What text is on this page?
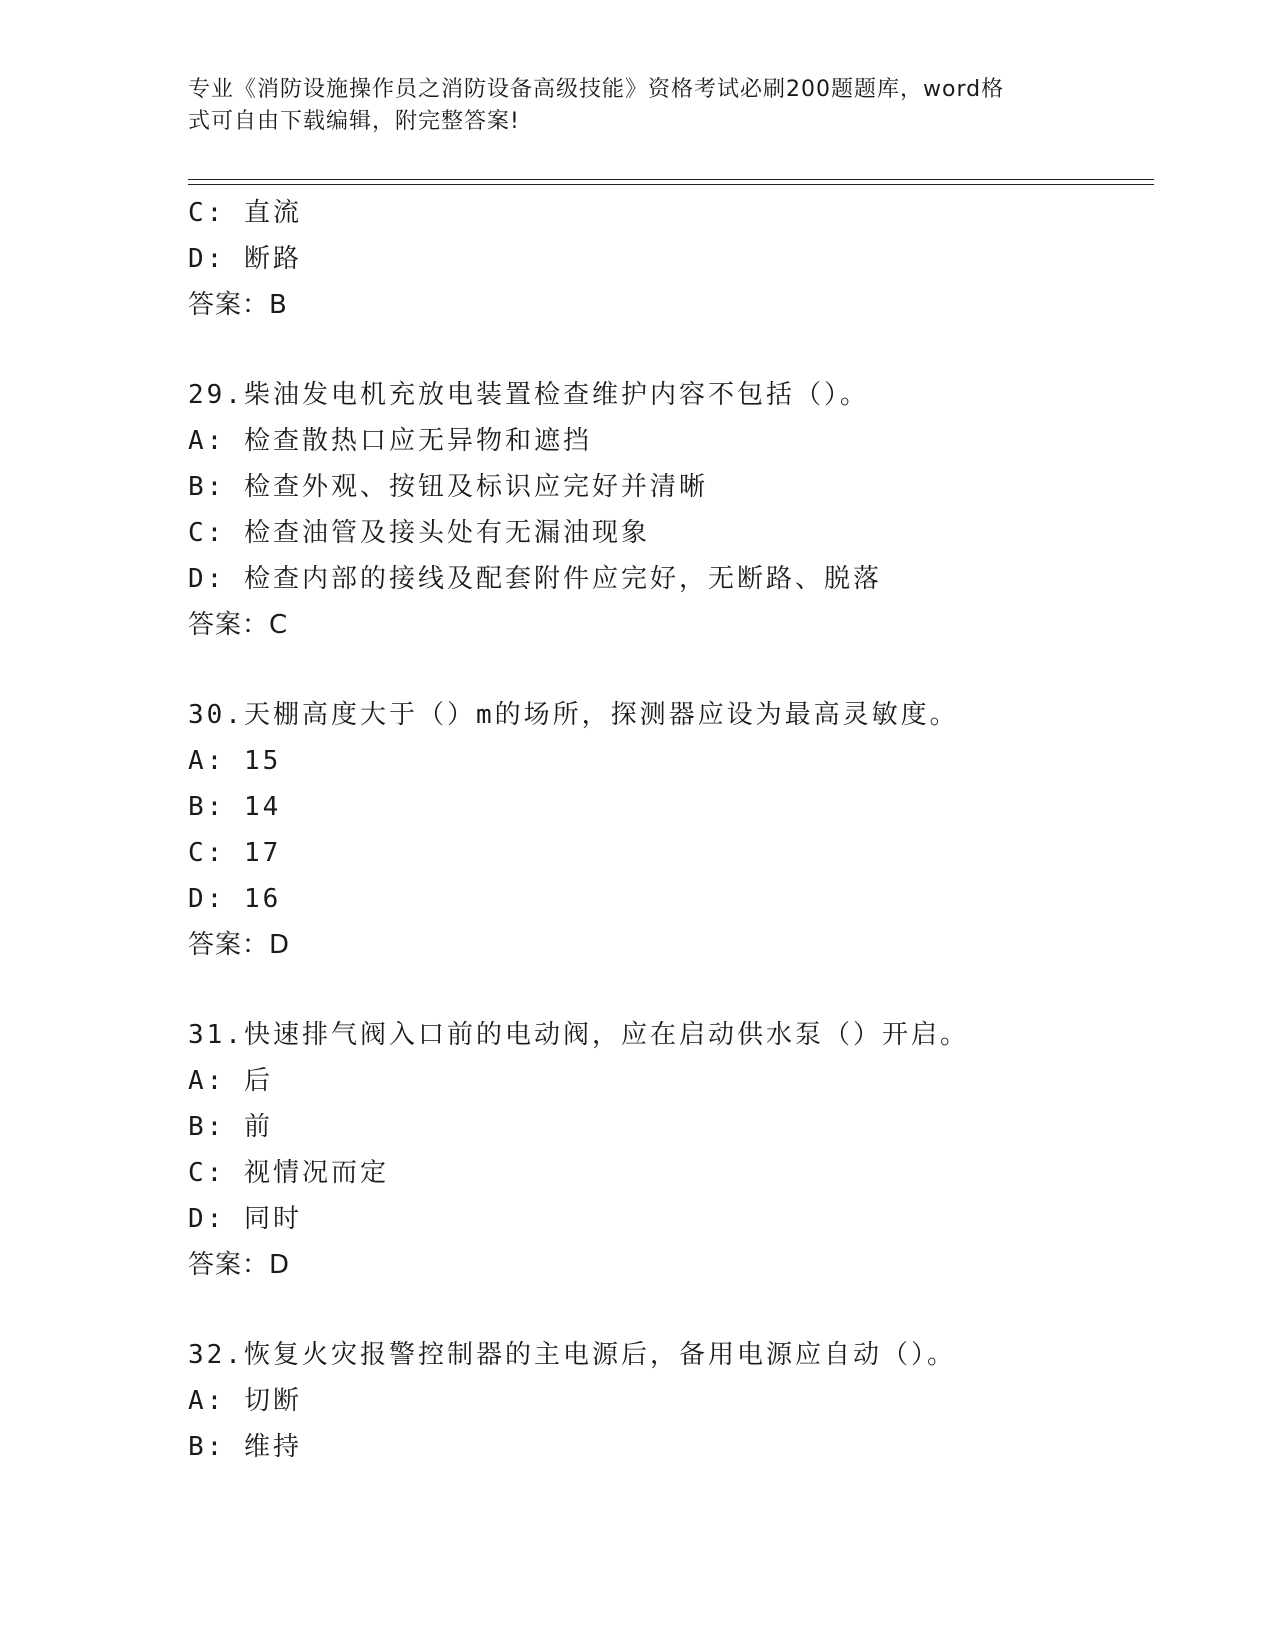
专业《消防设施操作员之消防设备高级技能》资格考试必刷200题题库，word格
式可自由下载编辑，附完整答案!
C: 直流
D: 断路
答案：B
29.柴油发电机充放电装置检查维护内容不包括（）。
A: 检查散热口应无异物和遮挡
B: 检查外观、按钮及标识应完好并清晰
C: 检查油管及接头处有无漏油现象
D: 检查内部的接线及配套附件应完好，无断路、脱落
答案：C
30.天棚高度大于（）m的场所，探测器应设为最高灵敏度。
A: 15
B: 14
C: 17
D: 16
答案：D
31.快速排气阀入口前的电动阀，应在启动供水泵（）开启。
A: 后
B: 前
C: 视情况而定
D: 同时
答案：D
32.恢复火灾报警控制器的主电源后，备用电源应自动（）。
A: 切断
B: 维持
